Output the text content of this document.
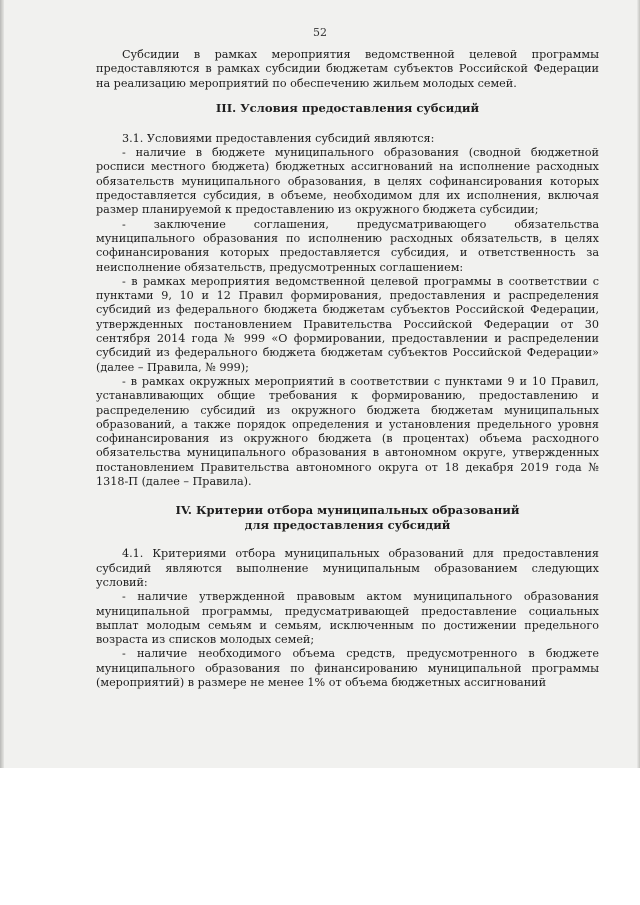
52

Субсидии в рамках мероприятия ведомственной целевой программы предоставляются в рамках субсидии бюджетам субъектов Российской Федерации на реализацию мероприятий по обеспечению жильем молодых семей.

III. Условия предоставления субсидий

3.1. Условиями предоставления субсидий являются:

- наличие в бюджете муниципального образования (сводной бюджетной росписи местного бюджета) бюджетных ассигнований на исполнение расходных обязательств муниципального образования, в целях софинансирования которых предоставляется субсидия, в объеме, необходимом для их исполнения, включая размер планируемой к предоставлению из окружного бюджета субсидии;

- заключение соглашения, предусматривающего обязательства муниципального образования по исполнению расходных обязательств, в целях софинансирования которых предоставляется субсидия, и ответственность за неисполнение обязательств, предусмотренных соглашением:

- в рамках мероприятия ведомственной целевой программы в соответствии с пунктами 9, 10 и 12 Правил формирования, предоставления и распределения субсидий из федерального бюджета бюджетам субъектов Российской Федерации, утвержденных постановлением Правительства Российской Федерации от 30 сентября 2014 года № 999 «О формировании, предоставлении и распределении субсидий из федерального бюджета бюджетам субъектов Российской Федерации» (далее – Правила, № 999);

- в рамках окружных мероприятий в соответствии с пунктами 9 и 10 Правил, устанавливающих общие требования к формированию, предоставлению и распределению субсидий из окружного бюджета бюджетам муниципальных образований, а также порядок определения и установления предельного уровня софинансирования из окружного бюджета (в процентах) объема расходного обязательства муниципального образования в автономном округе, утвержденных постановлением Правительства автономного округа от 18 декабря 2019 года № 1318-П (далее – Правила).

IV. Критерии отбора муниципальных образований
для предоставления субсидий

4.1. Критериями отбора муниципальных образований для предоставления субсидий являются выполнение муниципальным образованием следующих условий:

- наличие утвержденной правовым актом муниципального образования муниципальной программы, предусматривающей предоставление социальных выплат молодым семьям и семьям, исключенным по достижении предельного возраста из списков молодых семей;

- наличие необходимого объема средств, предусмотренного в бюджете муниципального образования по финансированию муниципальной программы (мероприятий) в размере не менее 1% от объема бюджетных ассигнований
